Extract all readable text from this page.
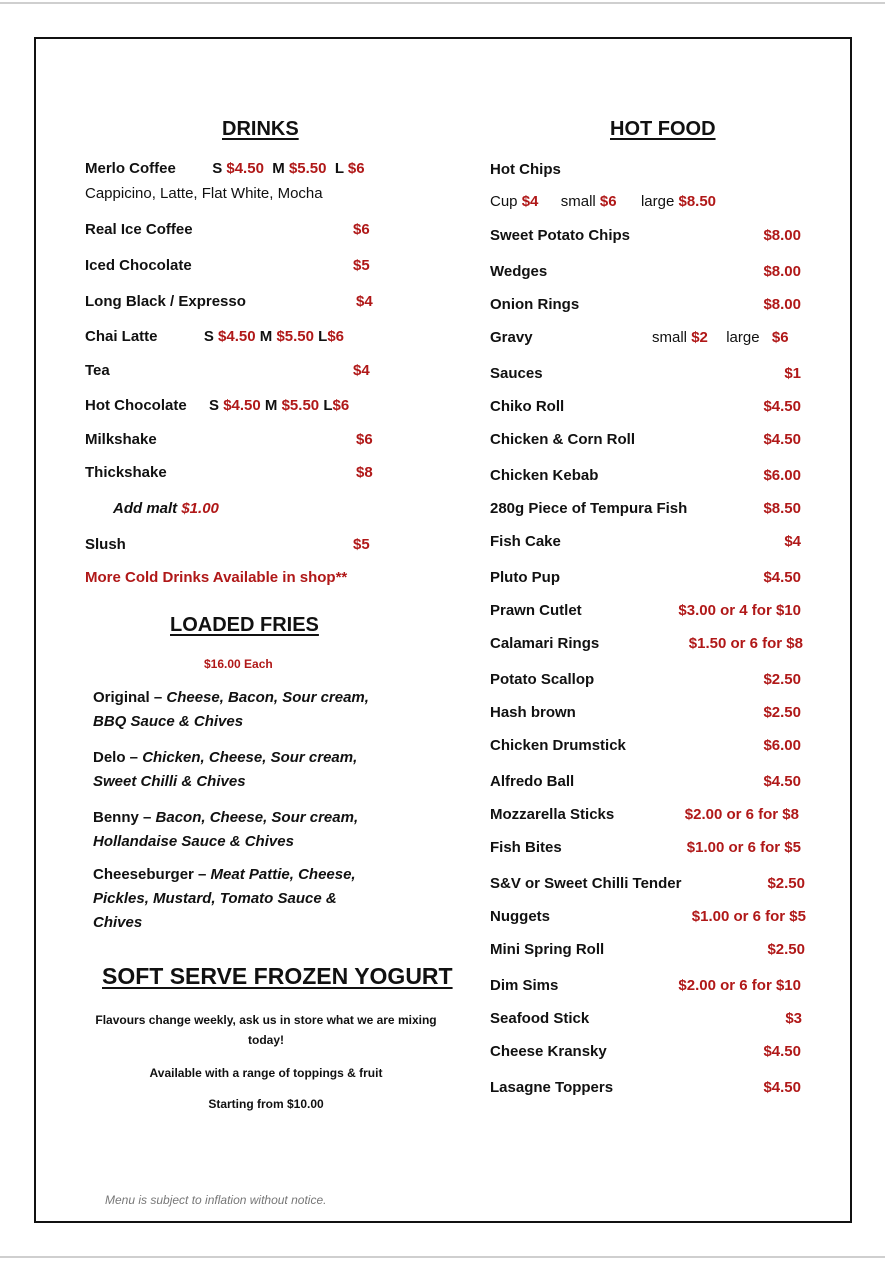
DRINKS
Merlo Coffee S $4.50 M $5.50 L $6
Cappicino, Latte, Flat White, Mocha
Real Ice Coffee	$6
Iced Chocolate	$5
Long Black / Expresso	$4
Chai Latte	S $4.50 M $5.50 L$6
Tea	$4
Hot Chocolate S $4.50 M $5.50 L$6
Milkshake	$6
Thickshake	$8
Add malt $1.00
Slush	$5
More Cold Drinks Available in shop**
LOADED FRIES
$16.00 Each
Original – Cheese, Bacon, Sour cream, BBQ Sauce & Chives
Delo – Chicken, Cheese, Sour cream, Sweet Chilli & Chives
Benny – Bacon, Cheese, Sour cream, Hollandaise Sauce & Chives
Cheeseburger – Meat Pattie, Cheese, Pickles, Mustard, Tomato Sauce & Chives
SOFT SERVE FROZEN YOGURT
Flavours change weekly, ask us in store what we are mixing today!
Available with a range of toppings & fruit
Starting from $10.00
HOT FOOD
Hot Chips
Cup $4 small $6 large $8.50
Sweet Potato Chips	$8.00
Wedges	$8.00
Onion Rings	$8.00
Gravy	small $2 large $6
Sauces	$1
Chiko Roll	$4.50
Chicken & Corn Roll	$4.50
Chicken Kebab	$6.00
280g Piece of Tempura Fish	$8.50
Fish Cake	$4
Pluto Pup	$4.50
Prawn Cutlet	$3.00 or 4 for $10
Calamari Rings	$1.50 or 6 for $8
Potato Scallop	$2.50
Hash brown	$2.50
Chicken Drumstick	$6.00
Alfredo Ball	$4.50
Mozzarella Sticks	$2.00 or 6 for $8
Fish Bites	$1.00 or 6 for $5
S&V or Sweet Chilli Tender	$2.50
Nuggets	$1.00 or 6 for $5
Mini Spring Roll	$2.50
Dim Sims	$2.00 or 6 for $10
Seafood Stick	$3
Cheese Kransky	$4.50
Lasagne Toppers	$4.50
Menu is subject to inflation without notice.
